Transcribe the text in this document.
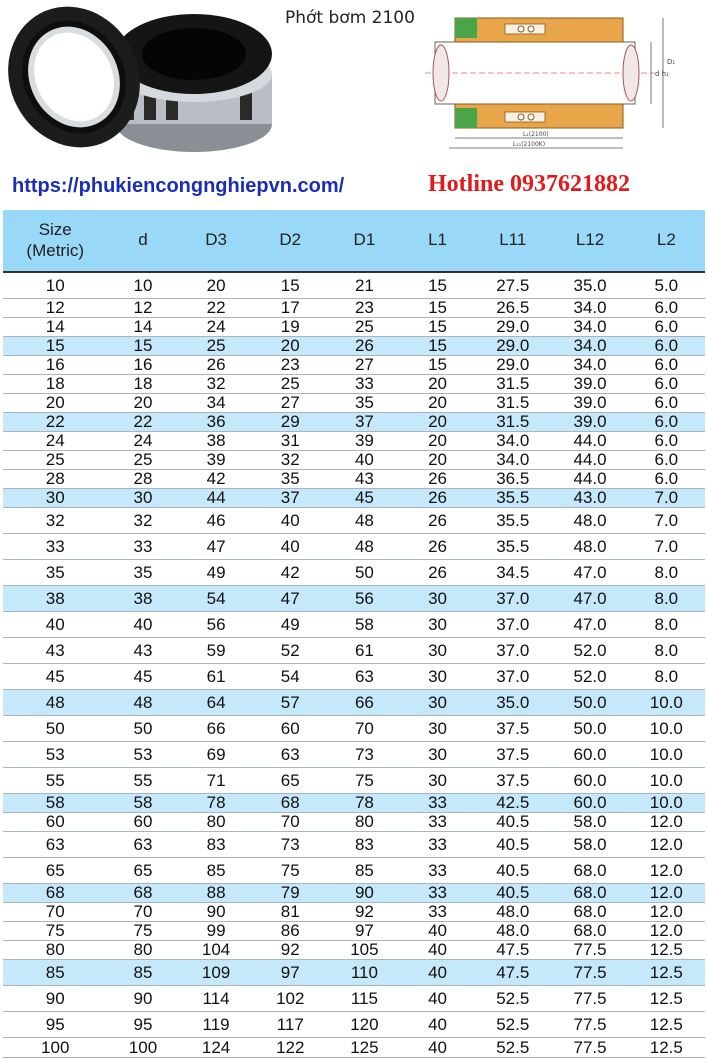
Phớt bơm 2100
d h₁
D₁
L₁(2100)
L₁₁(2100K)
https://phukiencongnghiepvn.com/	Hotline 0937621882
Size
(Metric)	d	D3	D2	D1	L1	L11	L12	L2
10	10	20	15	21	15	27.5	35.0	5.0
12	12	22	17	23	15	26.5	34.0	6.0
14	14	24	19	25	15	29.0	34.0	6.0
15	15	25	20	26	15	29.0	34.0	6.0
16	16	26	23	27	15	29.0	34.0	6.0
18	18	32	25	33	20	31.5	39.0	6.0
20	20	34	27	35	20	31.5	39.0	6.0
22	22	36	29	37	20	31.5	39.0	6.0
24	24	38	31	39	20	34.0	44.0	6.0
25	25	39	32	40	20	34.0	44.0	6.0
28	28	42	35	43	26	36.5	44.0	6.0
30	30	44	37	45	26	35.5	43.0	7.0
32	32	46	40	48	26	35.5	48.0	7.0
33	33	47	40	48	26	35.5	48.0	7.0
35	35	49	42	50	26	34.5	47.0	8.0
38	38	54	47	56	30	37.0	47.0	8.0
40	40	56	49	58	30	37.0	47.0	8.0
43	43	59	52	61	30	37.0	52.0	8.0
45	45	61	54	63	30	37.0	52.0	8.0
48	48	64	57	66	30	35.0	50.0	10.0
50	50	66	60	70	30	37.5	50.0	10.0
53	53	69	63	73	30	37.5	60.0	10.0
55	55	71	65	75	30	37.5	60.0	10.0
58	58	78	68	78	33	42.5	60.0	10.0
60	60	80	70	80	33	40.5	58.0	12.0
63	63	83	73	83	33	40.5	58.0	12.0
65	65	85	75	85	33	40.5	68.0	12.0
68	68	88	79	90	33	40.5	68.0	12.0
70	70	90	81	92	33	48.0	68.0	12.0
75	75	99	86	97	40	48.0	68.0	12.0
80	80	104	92	105	40	47.5	77.5	12.5
85	85	109	97	110	40	47.5	77.5	12.5
90	90	114	102	115	40	52.5	77.5	12.5
95	95	119	117	120	40	52.5	77.5	12.5
100	100	124	122	125	40	52.5	77.5	12.5
